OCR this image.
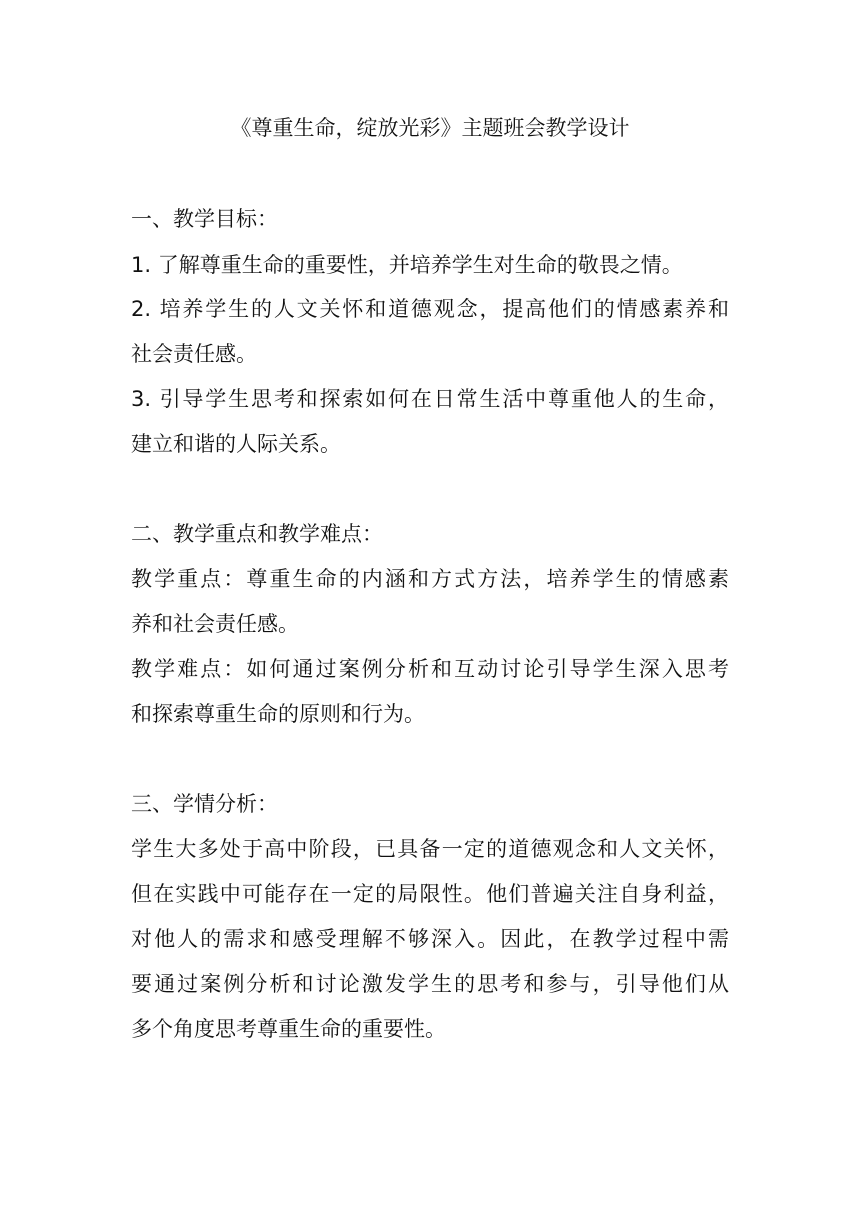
《尊重生命，绽放光彩》主题班会教学设计
一、教学目标：
1. 了解尊重生命的重要性，并培养学生对生命的敬畏之情。
2. 培养学生的人文关怀和道德观念，提高他们的情感素养和
社会责任感。
3. 引导学生思考和探索如何在日常生活中尊重他人的生命，
建立和谐的人际关系。
二、教学重点和教学难点：
教学重点：尊重生命的内涵和方式方法，培养学生的情感素
养和社会责任感。
教学难点：如何通过案例分析和互动讨论引导学生深入思考
和探索尊重生命的原则和行为。
三、学情分析：
学生大多处于高中阶段，已具备一定的道德观念和人文关怀，
但在实践中可能存在一定的局限性。他们普遍关注自身利益，
对他人的需求和感受理解不够深入。因此，在教学过程中需
要通过案例分析和讨论激发学生的思考和参与，引导他们从
多个角度思考尊重生命的重要性。
